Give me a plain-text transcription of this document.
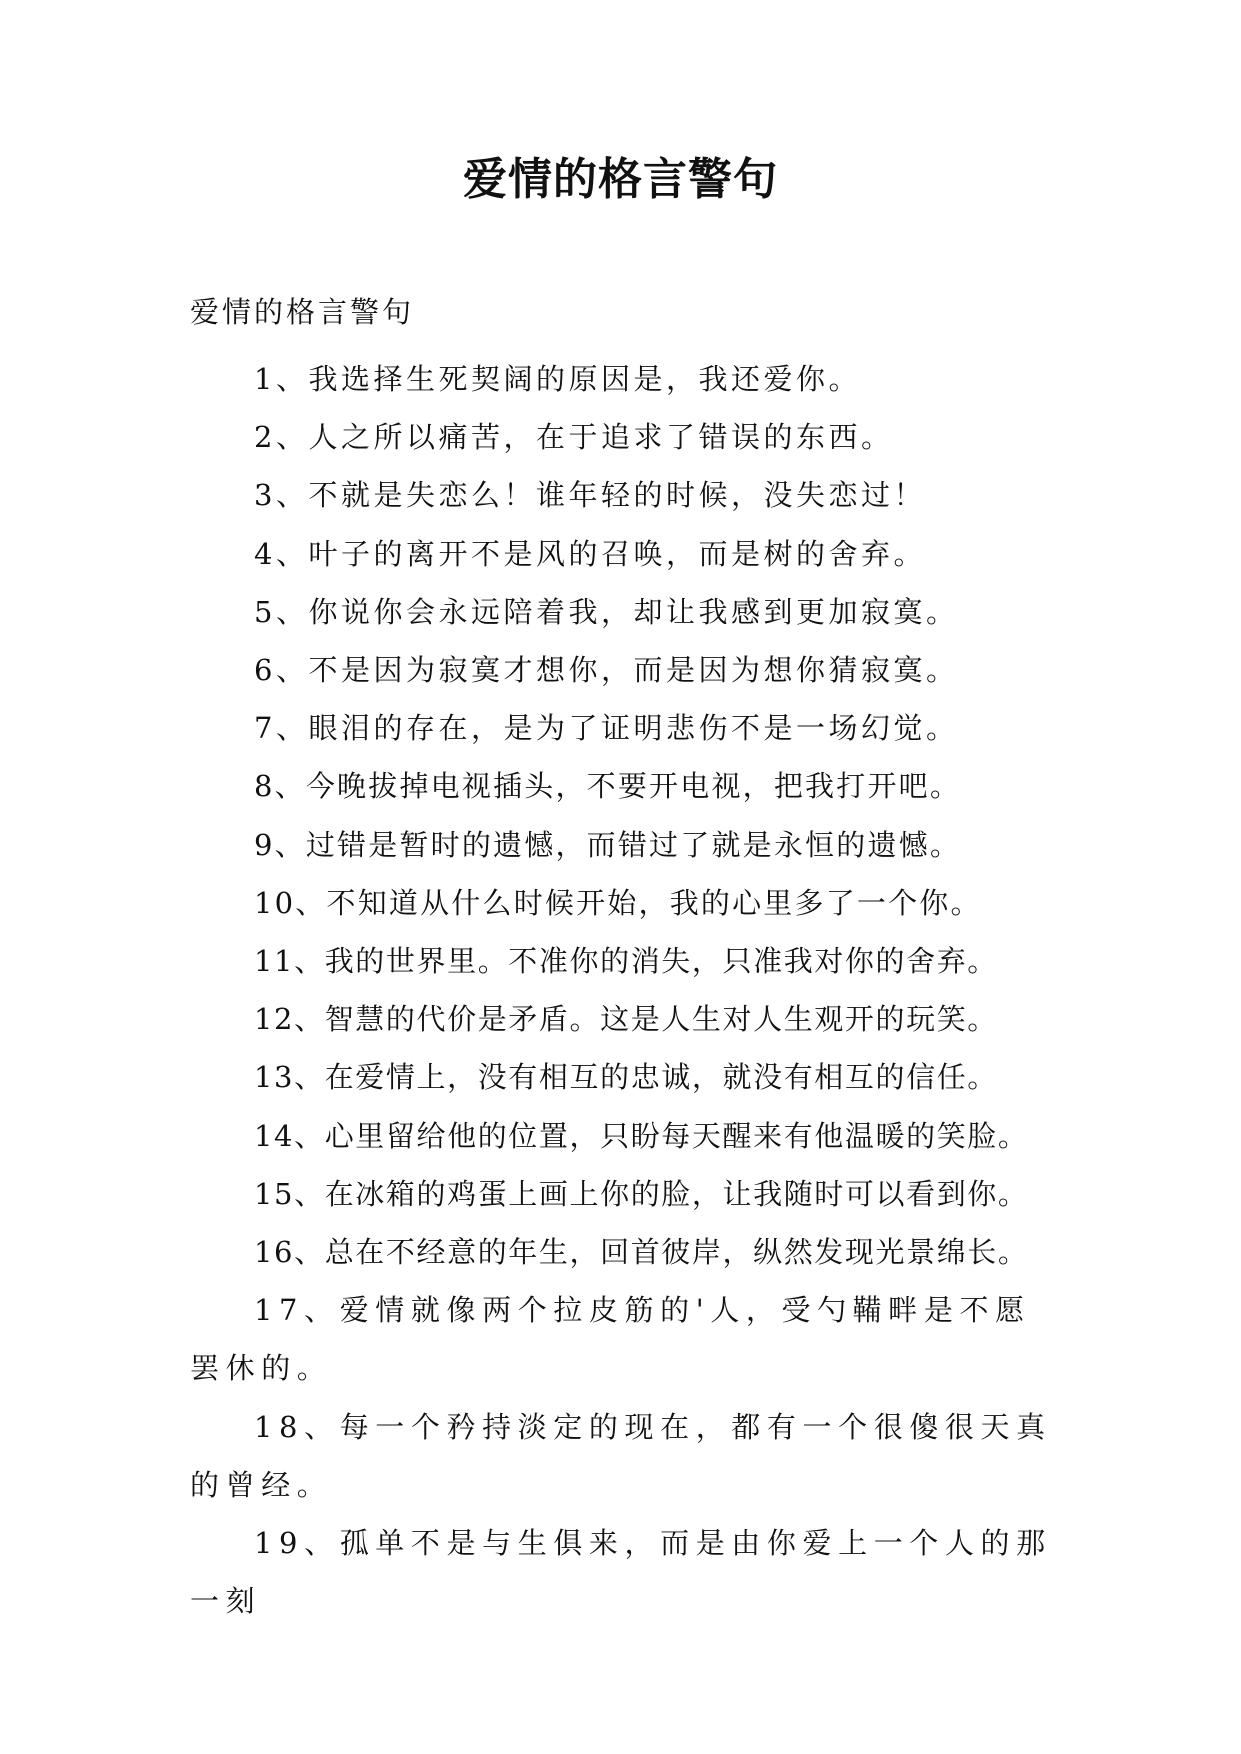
爱情的格言警句
爱情的格言警句
1、我选择生死契阔的原因是，我还爱你。
2、人之所以痛苦，在于追求了错误的东西。
3、不就是失恋么！谁年轻的时候，没失恋过！
4、叶子的离开不是风的召唤，而是树的舍弃。
5、你说你会永远陪着我，却让我感到更加寂寞。
6、不是因为寂寞才想你，而是因为想你猜寂寞。
7、眼泪的存在，是为了证明悲伤不是一场幻觉。
8、今晚拔掉电视插头，不要开电视，把我打开吧。
9、过错是暂时的遗憾，而错过了就是永恒的遗憾。
10、不知道从什么时候开始，我的心里多了一个你。
11、我的世界里。不准你的消失，只准我对你的舍弃。
12、智慧的代价是矛盾。这是人生对人生观开的玩笑。
13、在爱情上，没有相互的忠诚，就没有相互的信任。
14、心里留给他的位置，只盼每天醒来有他温暖的笑脸。
15、在冰箱的鸡蛋上画上你的脸，让我随时可以看到你。
16、总在不经意的年生，回首彼岸，纵然发现光景绵长。
17、爱情就像两个拉皮筋的'人，受勺鞴畔是不愿罢休的。
18、每一个矜持淡定的现在，都有一个很傻很天真的曾经。
19、孤单不是与生俱来，而是由你爱上一个人的那一刻
